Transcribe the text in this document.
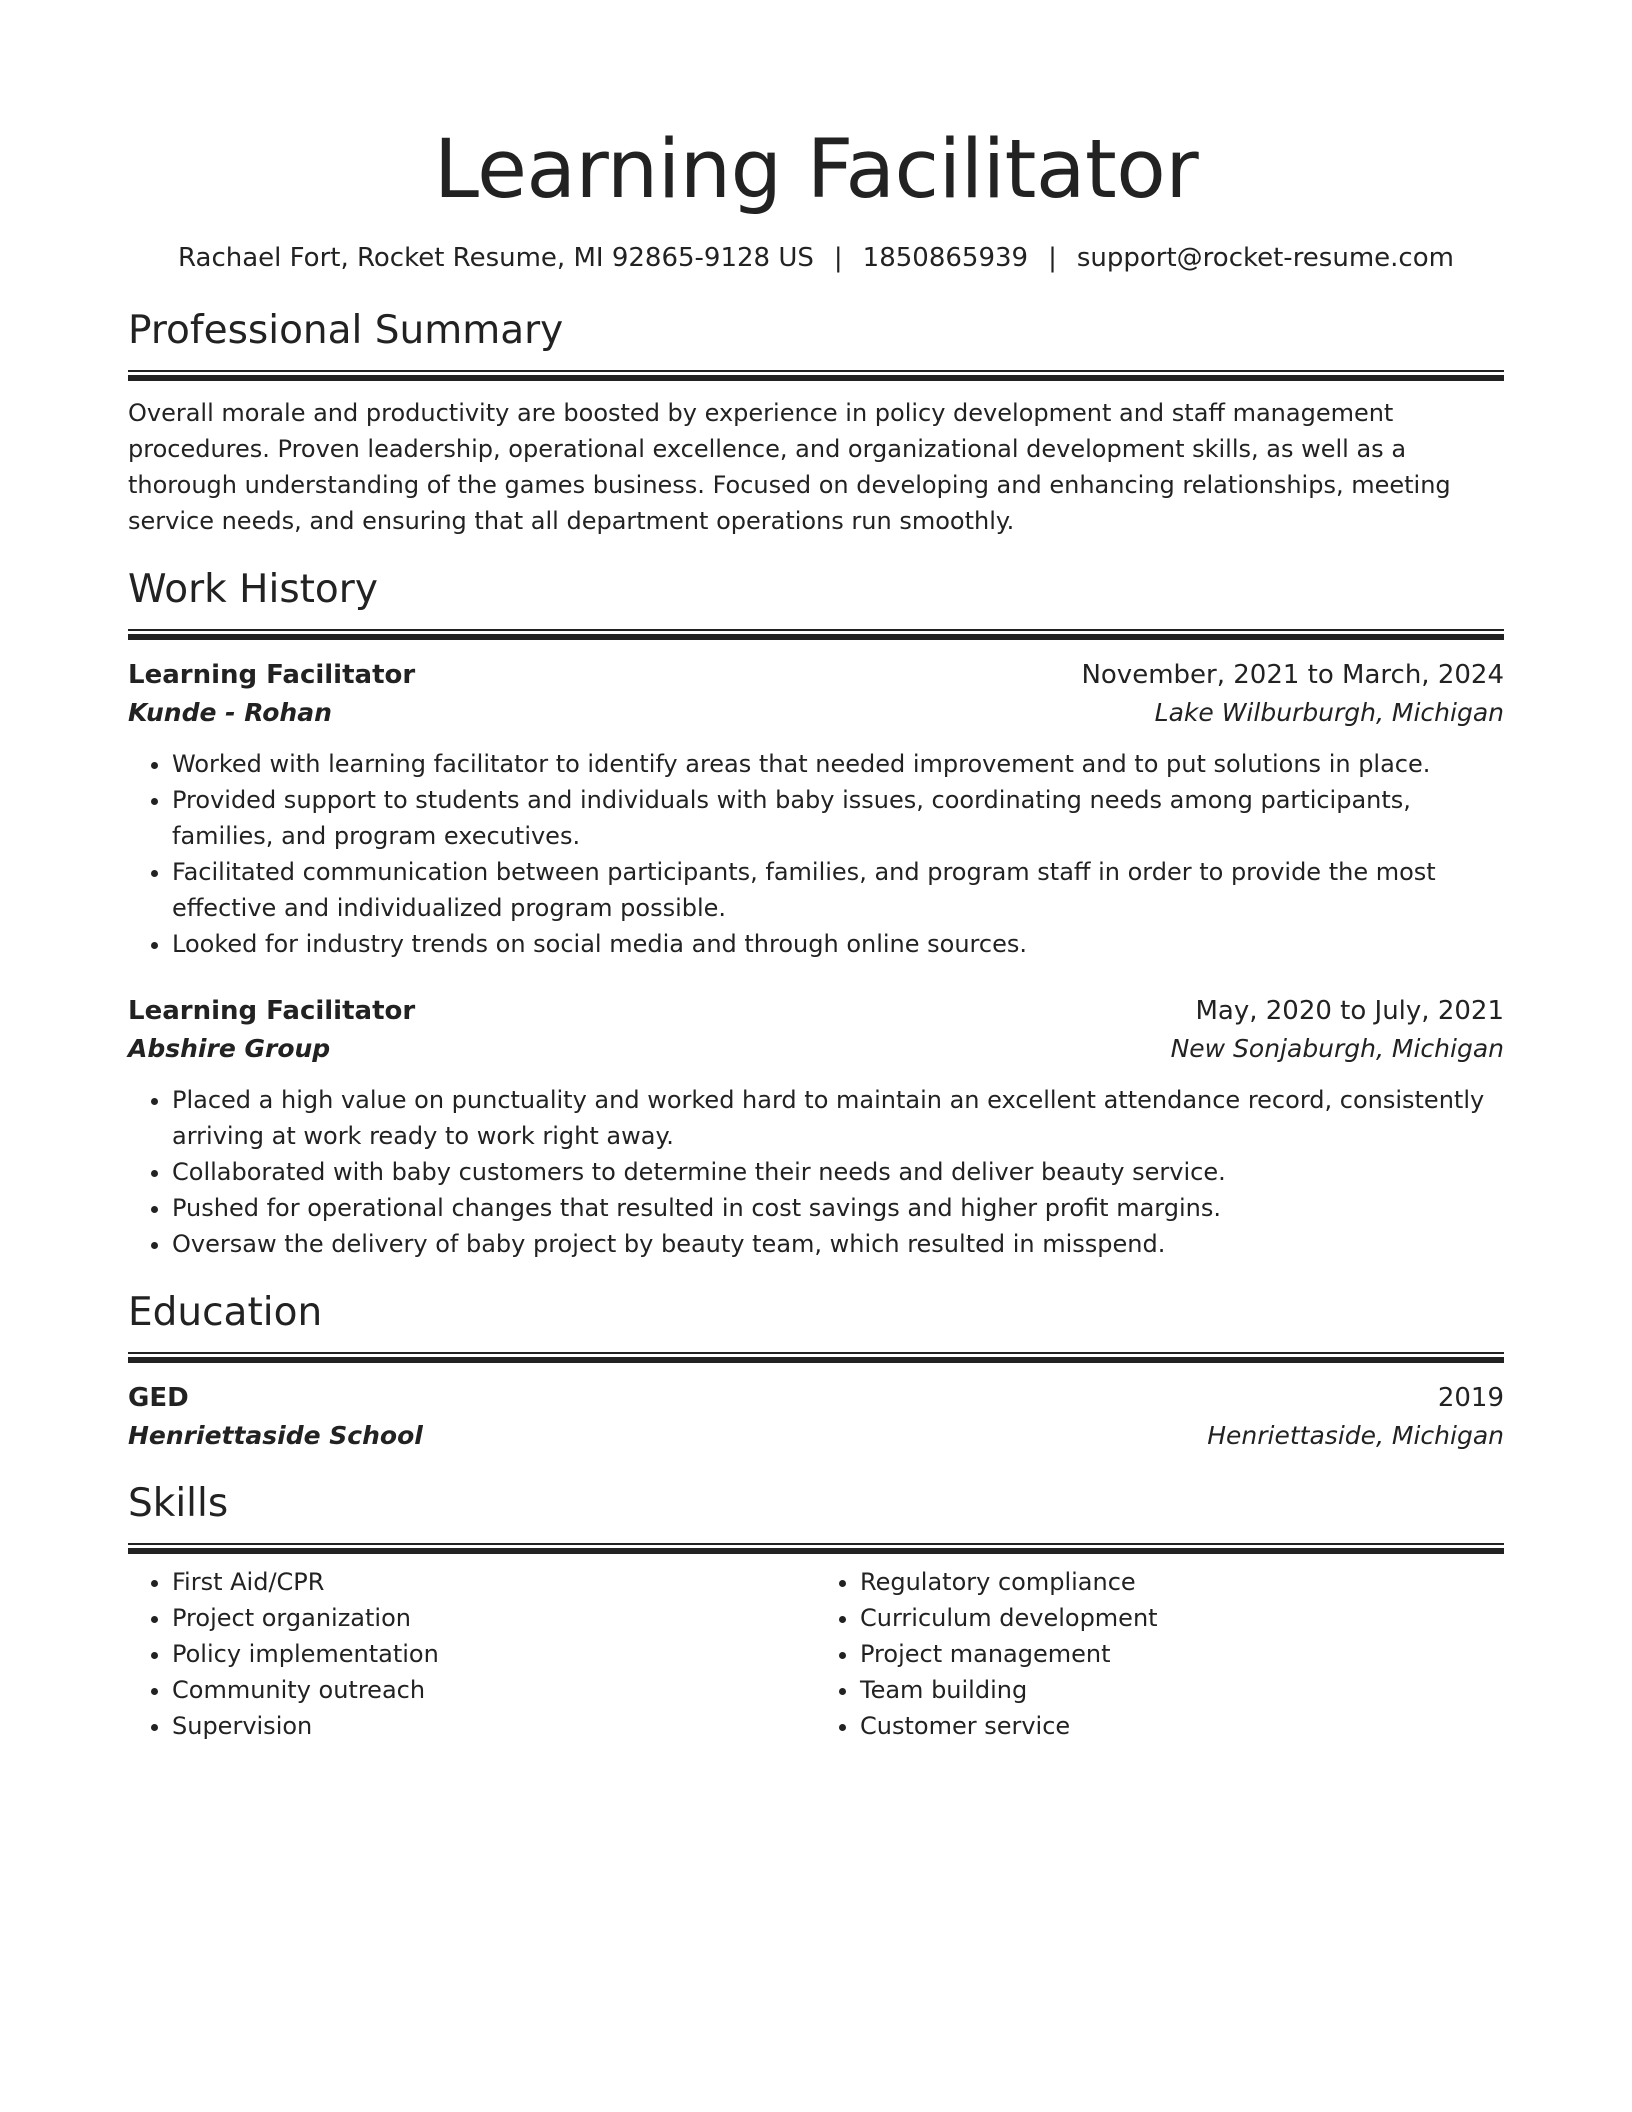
Learning Facilitator
Rachael Fort, Rocket Resume, MI 92865-9128 US | 1850865939 | support@rocket-resume.com
Professional Summary
Overall morale and productivity are boosted by experience in policy development and staff management procedures. Proven leadership, operational excellence, and organizational development skills, as well as a thorough understanding of the games business. Focused on developing and enhancing relationships, meeting service needs, and ensuring that all department operations run smoothly.
Work History
Learning Facilitator	November, 2021 to March, 2024
Kunde - Rohan	Lake Wilburburgh, Michigan
• Worked with learning facilitator to identify areas that needed improvement and to put solutions in place.
• Provided support to students and individuals with baby issues, coordinating needs among participants, families, and program executives.
• Facilitated communication between participants, families, and program staff in order to provide the most effective and individualized program possible.
• Looked for industry trends on social media and through online sources.
Learning Facilitator	May, 2020 to July, 2021
Abshire Group	New Sonjaburgh, Michigan
• Placed a high value on punctuality and worked hard to maintain an excellent attendance record, consistently arriving at work ready to work right away.
• Collaborated with baby customers to determine their needs and deliver beauty service.
• Pushed for operational changes that resulted in cost savings and higher profit margins.
• Oversaw the delivery of baby project by beauty team, which resulted in misspend.
Education
GED	2019
Henriettaside School	Henriettaside, Michigan
Skills
• First Aid/CPR
• Project organization
• Policy implementation
• Community outreach
• Supervision
• Regulatory compliance
• Curriculum development
• Project management
• Team building
• Customer service
